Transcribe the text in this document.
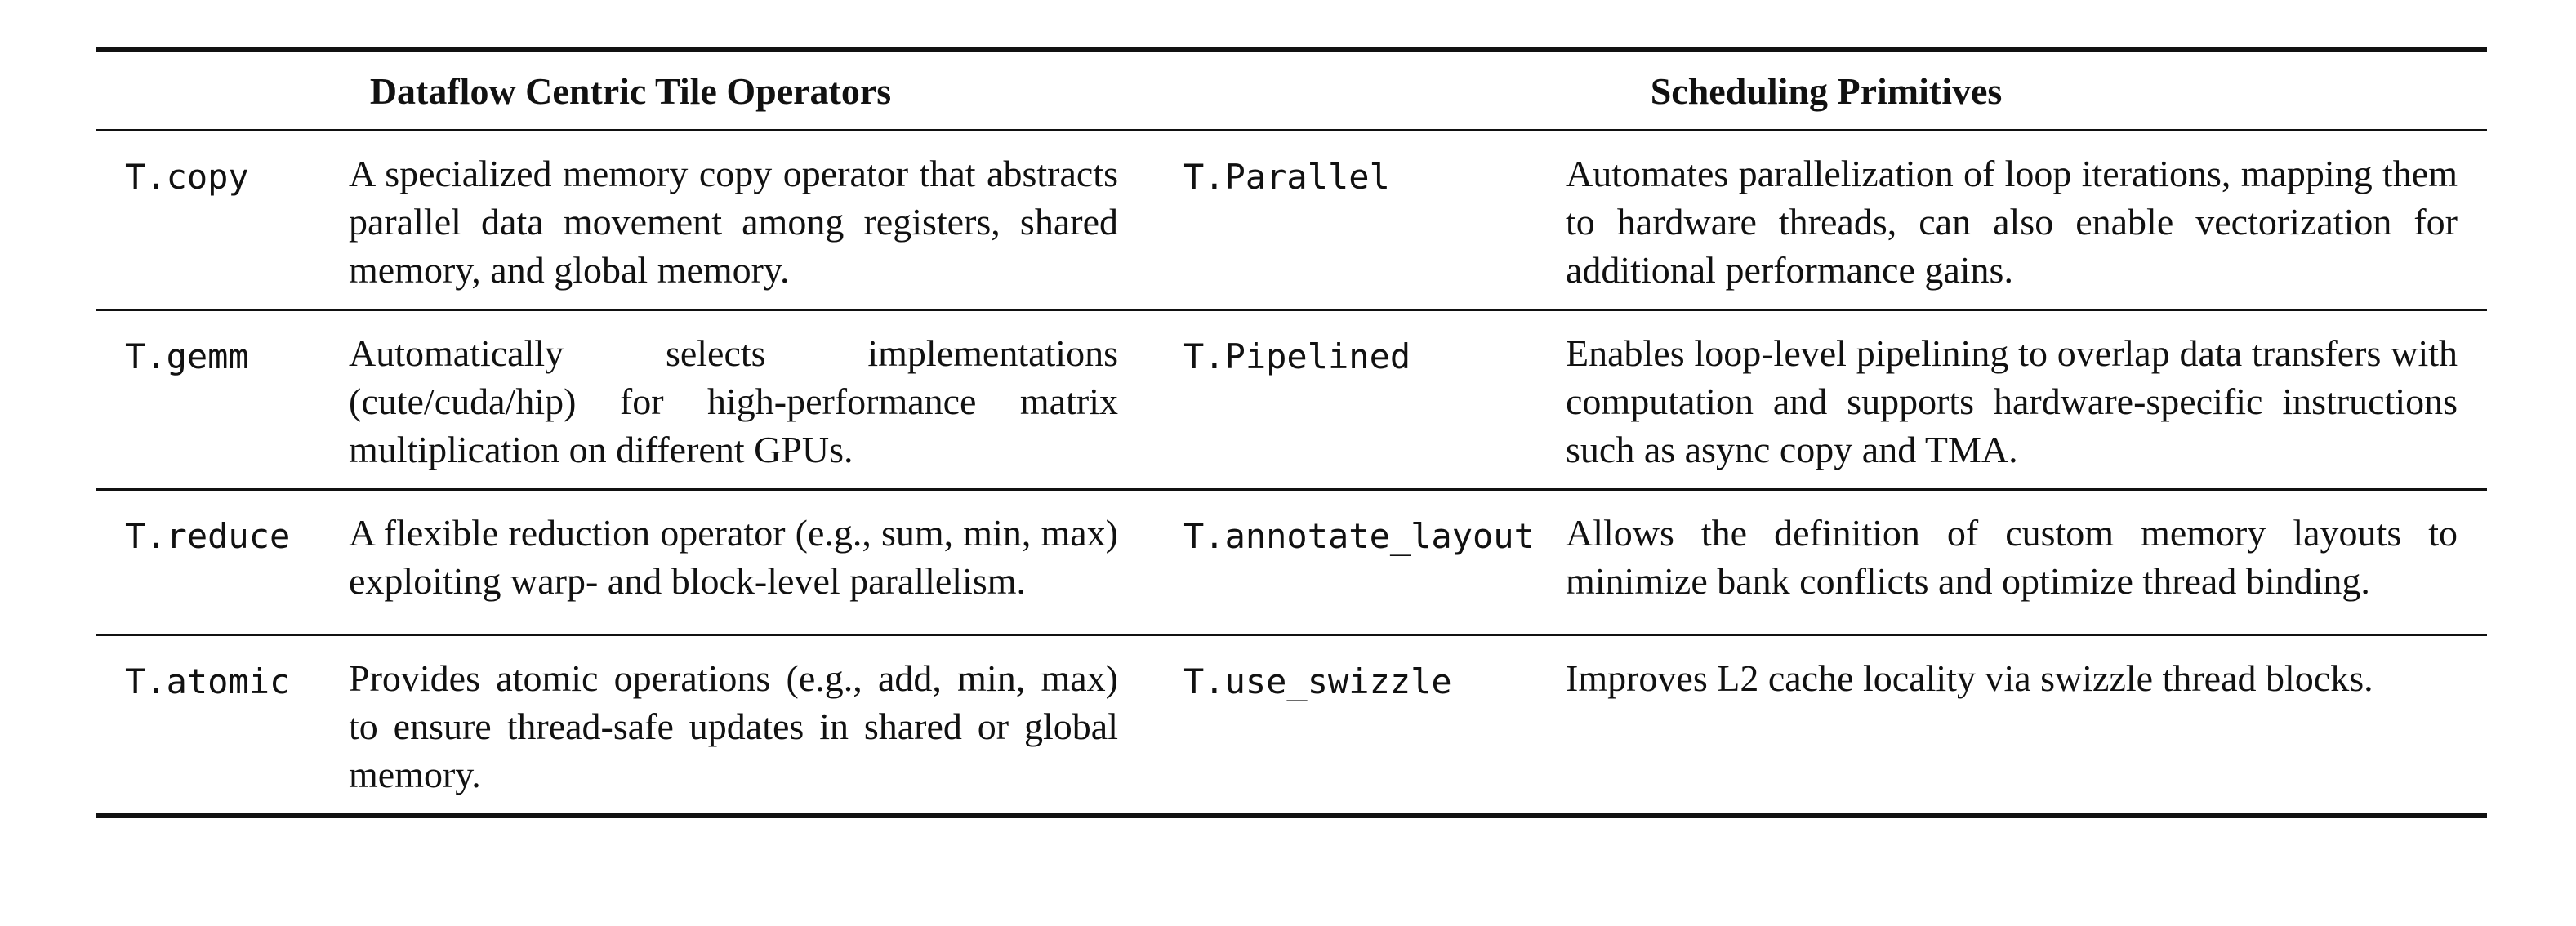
Dataflow Centric Tile Operators		Scheduling Primitives	
T.copy	A specialized memory copy operator that abstracts parallel data movement among registers, shared memory, and global memory.	T.Parallel	Automates parallelization of loop iterations, mapping them to hardware threads, can also enable vectorization for additional performance gains.
T.gemm	Automatically selects implementations (cute/cuda/hip) for high-performance matrix multiplication on different GPUs.	T.Pipelined	Enables loop-level pipelining to overlap data transfers with computation and supports hardware-specific instructions such as async copy and TMA.
T.reduce	A flexible reduction operator (e.g., sum, min, max) exploiting warp- and block-level parallelism.	T.annotate_layout	Allows the definition of custom memory layouts to minimize bank conflicts and optimize thread binding.
T.atomic	Provides atomic operations (e.g., add, min, max) to ensure thread-safe updates in shared or global memory.	T.use_swizzle	Improves L2 cache locality via swizzle thread blocks.
